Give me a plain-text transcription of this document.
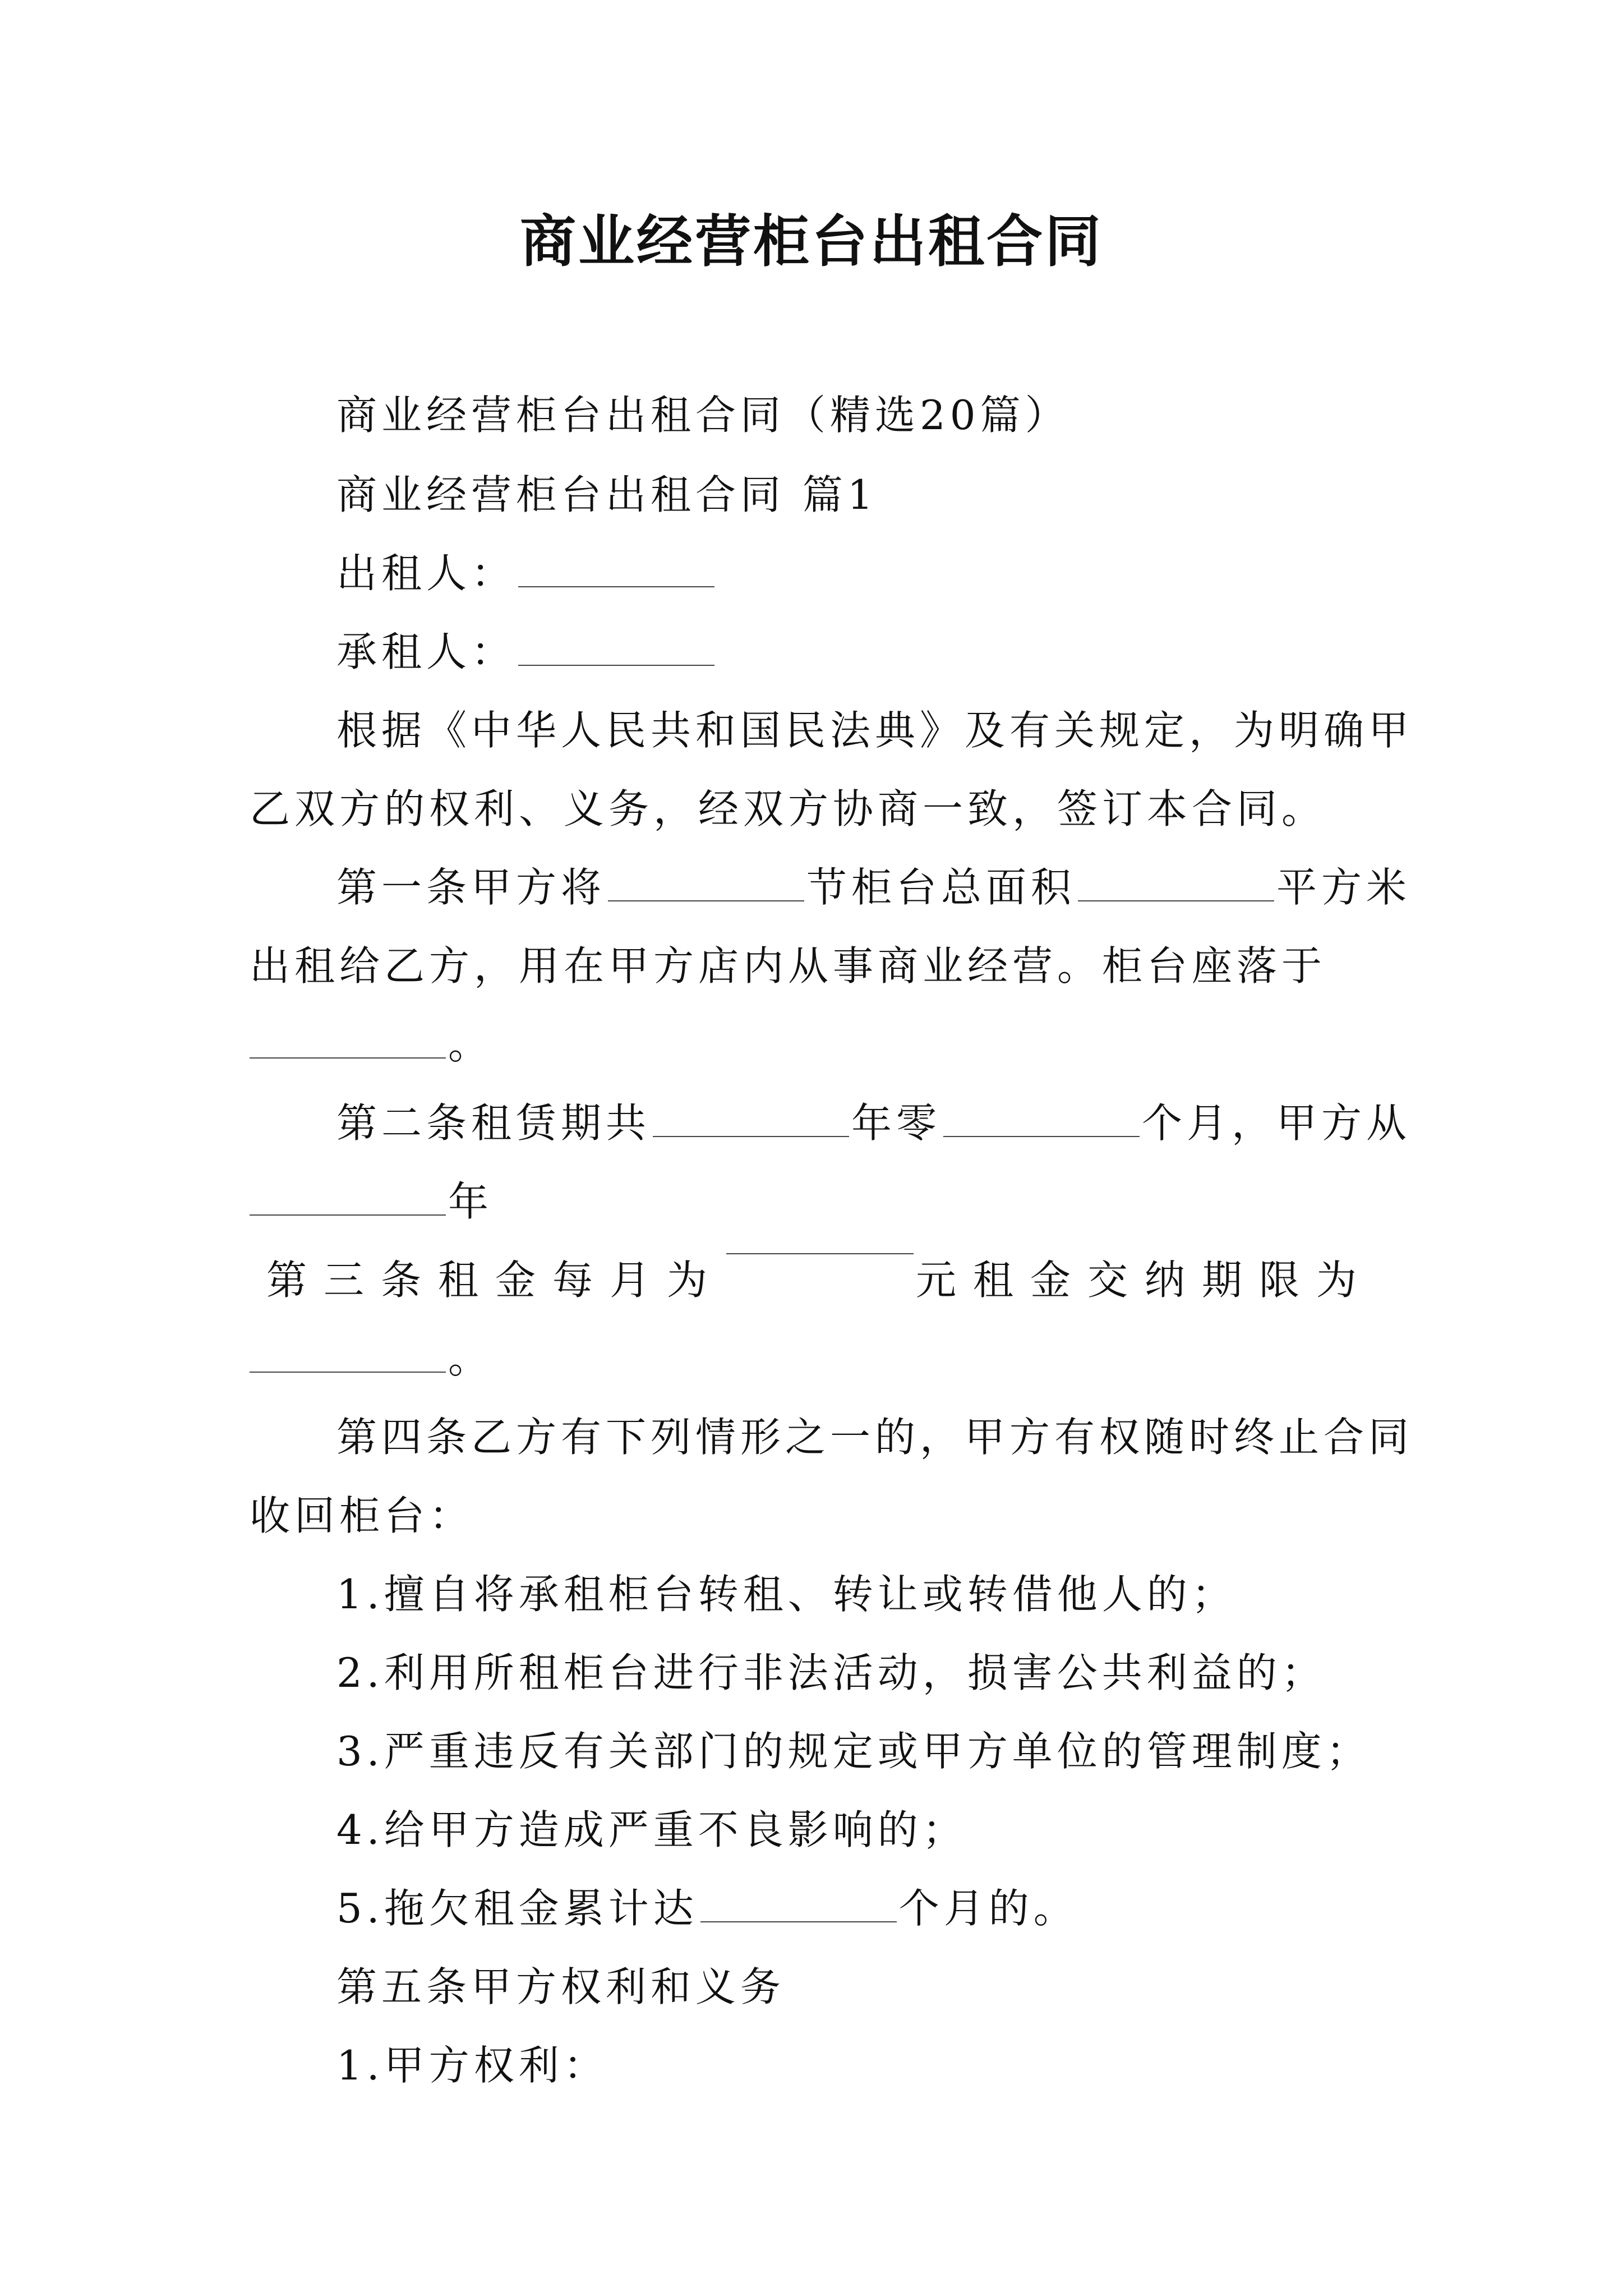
商业经营柜台出租合同
商业经营柜台出租合同（精选20篇）
商业经营柜台出租合同 篇1
出租人：
承租人：
根据《中华人民共和国民法典》及有关规定，为明确甲
乙双方的权利、义务，经双方协商一致，签订本合同。
第一条甲方将	节柜台总面积	平方米
出租给乙方，用在甲方店内从事商业经营。柜台座落于
。
第二条租赁期共	年零	个月，甲方从
年
第三条租金每月为	元租金交纳期限为
。
第四条乙方有下列情形之一的，甲方有权随时终止合同
收回柜台：
1.擅自将承租柜台转租、转让或转借他人的；
2.利用所租柜台进行非法活动，损害公共利益的；
3.严重违反有关部门的规定或甲方单位的管理制度；
4.给甲方造成严重不良影响的；
5.拖欠租金累计达	个月的。
第五条甲方权利和义务
1.甲方权利：
